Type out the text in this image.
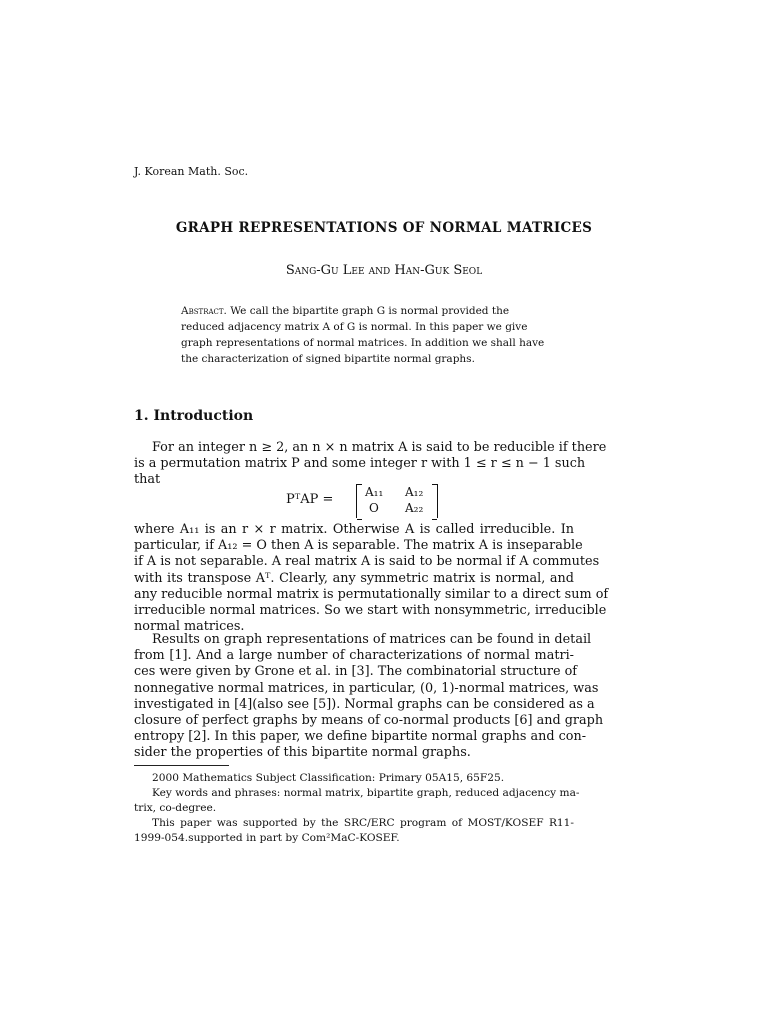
J. Korean Math. Soc.
GRAPH REPRESENTATIONS OF NORMAL MATRICES
Sang-Gu Lee and Han-Guk Seol
Abstract. We call the bipartite graph G is normal provided the
reduced adjacency matrix A of G is normal. In this paper we give
graph representations of normal matrices. In addition we shall have
the characterization of signed bipartite normal graphs.
1. Introduction
For an integer n ≥ 2, an n × n matrix A is said to be reducible if there
is a permutation matrix P and some integer r with 1 ≤ r ≤ n − 1 such
that
PᵀAP =	A₁₁ A₁₂
O A₂₂
where A₁₁ is an r × r matrix. Otherwise A is called irreducible. In
particular, if A₁₂ = O then A is separable. The matrix A is inseparable
if A is not separable. A real matrix A is said to be normal if A commutes
with its transpose Aᵀ. Clearly, any symmetric matrix is normal, and
any reducible normal matrix is permutationally similar to a direct sum of
irreducible normal matrices. So we start with nonsymmetric, irreducible
normal matrices.
Results on graph representations of matrices can be found in detail
from [1]. And a large number of characterizations of normal matri-
ces were given by Grone et al. in [3]. The combinatorial structure of
nonnegative normal matrices, in particular, (0, 1)-normal matrices, was
investigated in [4](also see [5]). Normal graphs can be considered as a
closure of perfect graphs by means of co-normal products [6] and graph
entropy [2]. In this paper, we define bipartite normal graphs and con-
sider the properties of this bipartite normal graphs.
2000 Mathematics Subject Classification: Primary 05A15, 65F25.
Key words and phrases: normal matrix, bipartite graph, reduced adjacency ma-
trix, co-degree.
This paper was supported by the SRC/ERC program of MOST/KOSEF R11-
1999-054.supported in part by Com²MaC-KOSEF.
